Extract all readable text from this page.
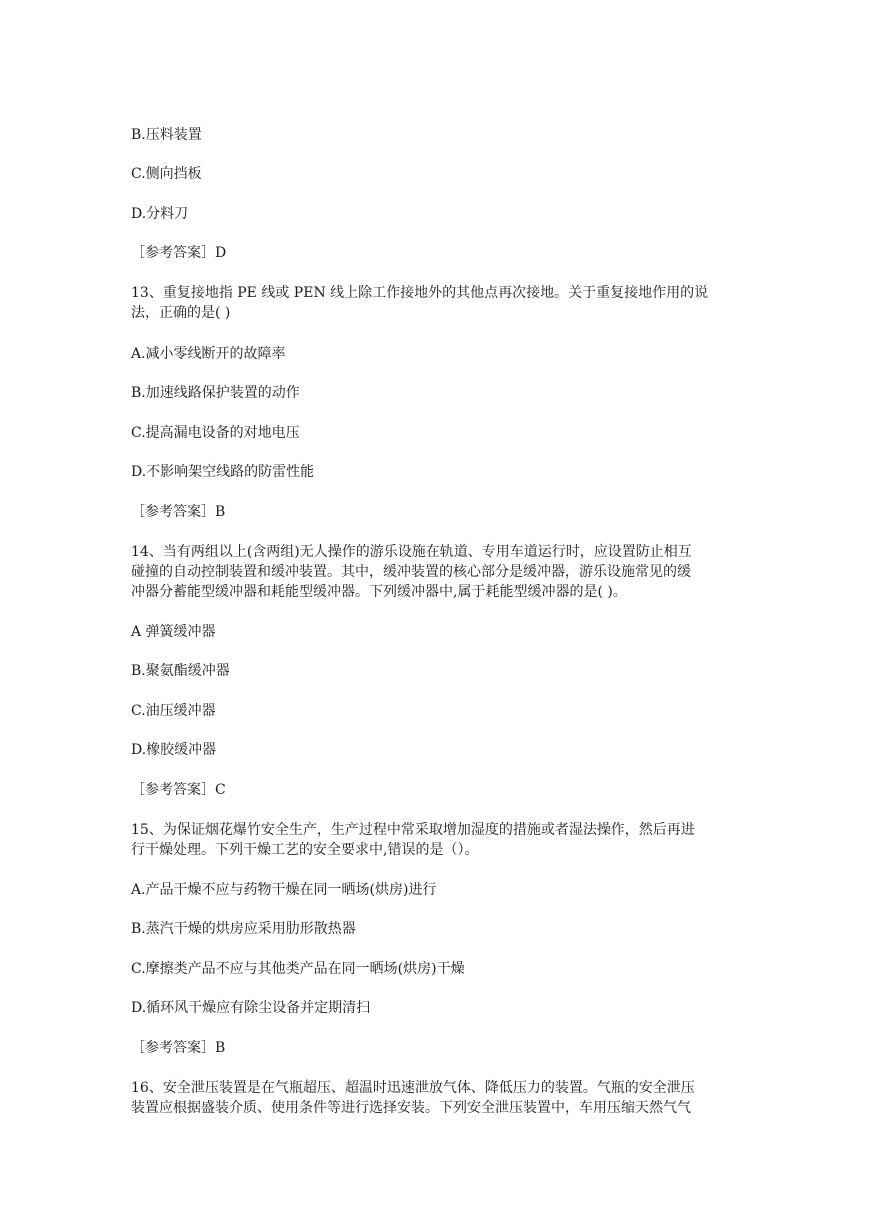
B.压料装置
C.侧向挡板
D.分料刀
［参考答案］D
13、重复接地指 PE 线或 PEN 线上除工作接地外的其他点再次接地。关于重复接地作用的说
法，正确的是( )
A.减小零线断开的故障率
B.加速线路保护装置的动作
C.提高漏电设备的对地电压
D.不影响架空线路的防雷性能
［参考答案］B
14、当有两组以上(含两组)无人操作的游乐设施在轨道、专用车道运行时，应设置防止相互
碰撞的自动控制装置和缓冲装置。其中，缓冲装置的核心部分是缓冲器，游乐设施常见的缓
冲器分蓄能型缓冲器和耗能型缓冲器。下列缓冲器中,属于耗能型缓冲器的是( )。
A 弹簧缓冲器
B.聚氨酯缓冲器
C.油压缓冲器
D.橡胶缓冲器
［参考答案］C
15、为保证烟花爆竹安全生产，生产过程中常采取增加湿度的措施或者湿法操作，然后再进
行干燥处理。下列干燥工艺的安全要求中,错误的是（）。
A.产品干燥不应与药物干燥在同一晒场(烘房)进行
B.蒸汽干燥的烘房应采用肋形散热器
C.摩擦类产品不应与其他类产品在同一晒场(烘房)干燥
D.循环风干燥应有除尘设备并定期清扫
［参考答案］B
16、安全泄压装置是在气瓶超压、超温时迅速泄放气体、降低压力的装置。气瓶的安全泄压
装置应根据盛装介质、使用条件等进行选择安装。下列安全泄压装置中，车用压缩天然气气
